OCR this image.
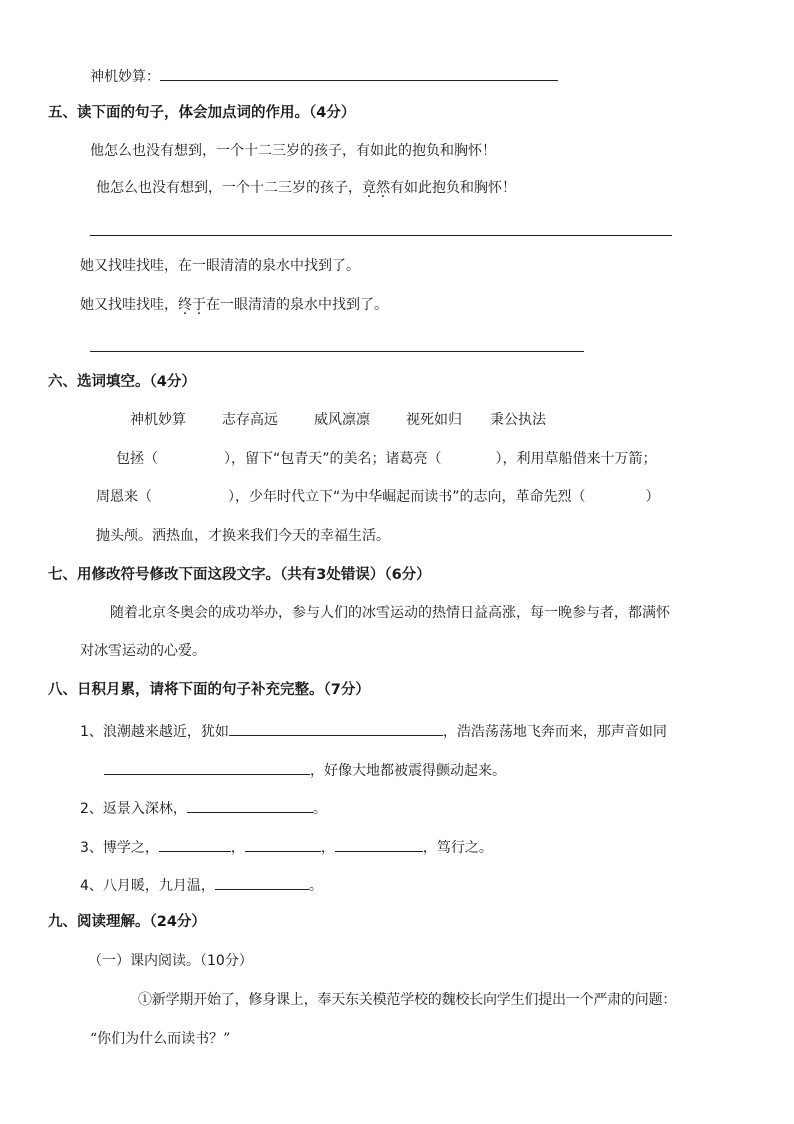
神机妙算：
五、读下面的句子，体会加点词的作用。（4分）
他怎么也没有想到，一个十二三岁的孩子，有如此的抱负和胸怀！
他怎么也没有想到，一个十二三岁的孩子，竟然有如此抱负和胸怀！
她又找哇找哇，在一眼清清的泉水中找到了。
她又找哇找哇，终于在一眼清清的泉水中找到了。
六、选词填空。（4分）
神机妙算	志存高远	威风凛凛	视死如归 秉公执法
包拯（	），留下“包青天”的美名；诸葛亮（	），利用草船借来十万箭；
周恩来（	），少年时代立下“为中华崛起而读书”的志向，革命先烈（	）
抛头颅。洒热血，才换来我们今天的幸福生活。
七、用修改符号修改下面这段文字。（共有3处错误）（6分）
随着北京冬奥会的成功举办，参与人们的冰雪运动的热情日益高涨，每一晚参与者，都满怀
对冰雪运动的心爱。
八、日积月累，请将下面的句子补充完整。（7分）
1、浪潮越来越近，犹如	，浩浩荡荡地飞奔而来，那声音如同
，好像大地都被震得颤动起来。
2、返景入深林，	。
3、博学之，	，	，	，笃行之。
4、八月暖，九月温，	。
九、阅读理解。（24分）
（一）课内阅读。（10分）
①新学期开始了，修身课上，奉天东关模范学校的魏校长向学生们提出一个严肃的问题：
“你们为什么而读书？”
